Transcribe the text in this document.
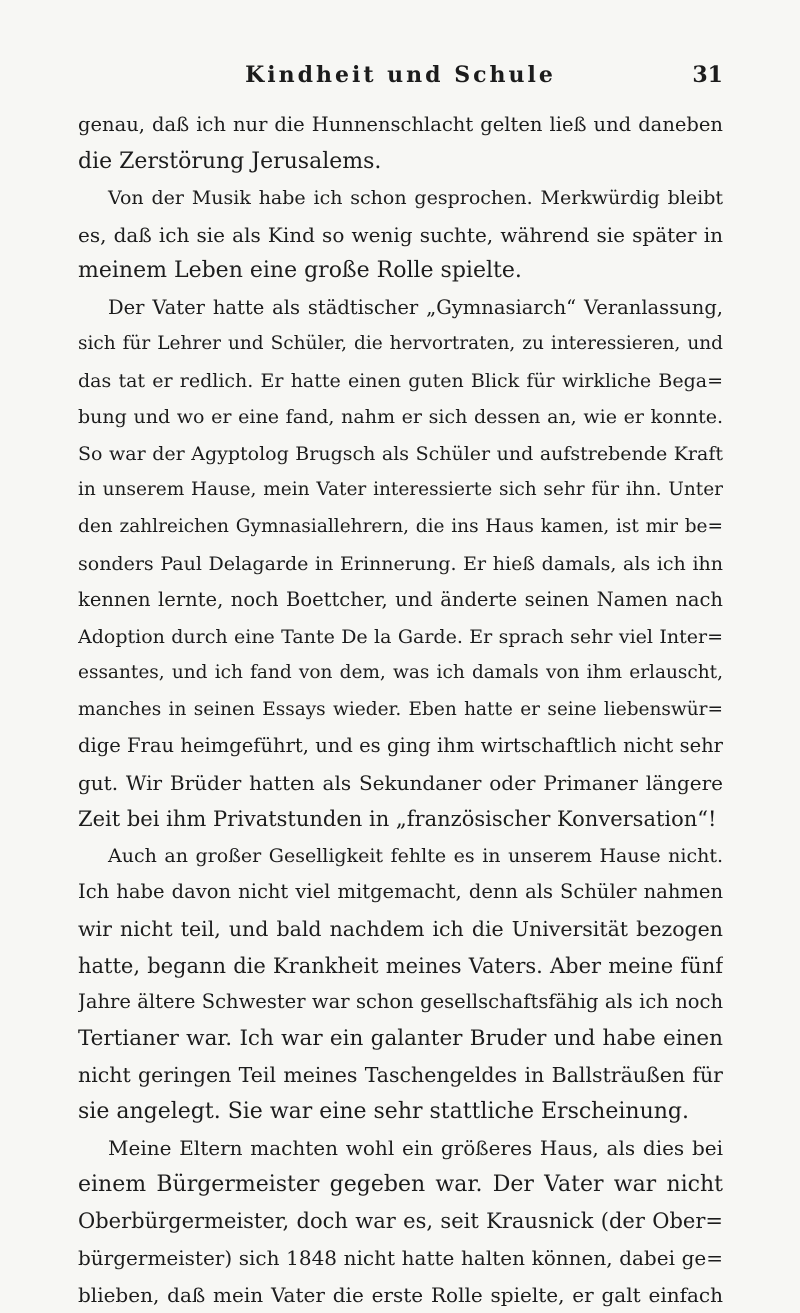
Kindheit und Schule	31
genau, daß ich nur die Hunnenschlacht gelten ließ und daneben
die Zerstörung Jerusalems.
Von der Musik habe ich schon gesprochen. Merkwürdig bleibt
es, daß ich sie als Kind so wenig suchte, während sie später in
meinem Leben eine große Rolle spielte.
Der Vater hatte als städtischer „Gymnasiarch“ Veranlassung,
sich für Lehrer und Schüler, die hervortraten, zu interessieren, und
das tat er redlich. Er hatte einen guten Blick für wirkliche Bega=
bung und wo er eine fand, nahm er sich dessen an, wie er konnte.
So war der Agyptolog Brugsch als Schüler und aufstrebende Kraft
in unserem Hause, mein Vater interessierte sich sehr für ihn. Unter
den zahlreichen Gymnasiallehrern, die ins Haus kamen, ist mir be=
sonders Paul Delagarde in Erinnerung. Er hieß damals, als ich ihn
kennen lernte, noch Boettcher, und änderte seinen Namen nach
Adoption durch eine Tante De la Garde. Er sprach sehr viel Inter=
essantes, und ich fand von dem, was ich damals von ihm erlauscht,
manches in seinen Essays wieder. Eben hatte er seine liebenswür=
dige Frau heimgeführt, und es ging ihm wirtschaftlich nicht sehr
gut. Wir Brüder hatten als Sekundaner oder Primaner längere
Zeit bei ihm Privatstunden in „französischer Konversation“!
Auch an großer Geselligkeit fehlte es in unserem Hause nicht.
Ich habe davon nicht viel mitgemacht, denn als Schüler nahmen
wir nicht teil, und bald nachdem ich die Universität bezogen
hatte, begann die Krankheit meines Vaters. Aber meine fünf
Jahre ältere Schwester war schon gesellschaftsfähig als ich noch
Tertianer war. Ich war ein galanter Bruder und habe einen
nicht geringen Teil meines Taschengeldes in Ballsträußen für
sie angelegt. Sie war eine sehr stattliche Erscheinung.
Meine Eltern machten wohl ein größeres Haus, als dies bei
einem Bürgermeister gegeben war. Der Vater war nicht
Oberbürgermeister, doch war es, seit Krausnick (der Ober=
bürgermeister) sich 1848 nicht hatte halten können, dabei ge=
blieben, daß mein Vater die erste Rolle spielte, er galt einfach
